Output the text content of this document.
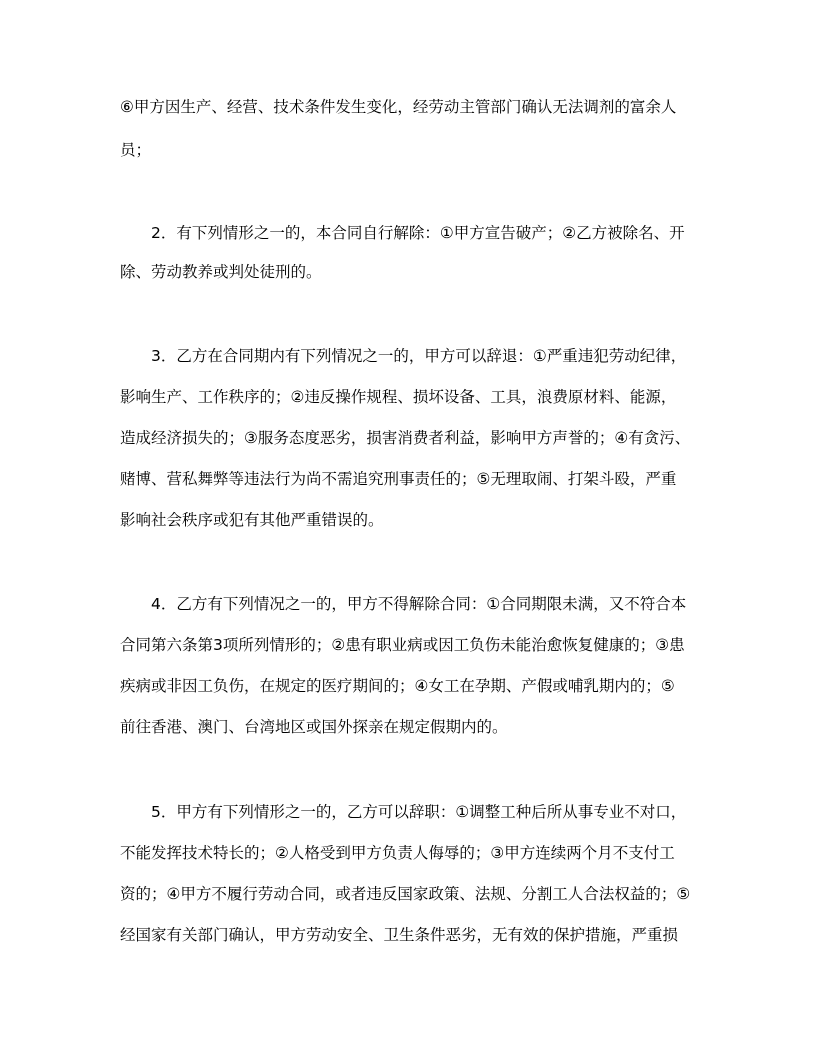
⑥甲方因生产、经营、技术条件发生变化，经劳动主管部门确认无法调剂的富余人
员；
2．有下列情形之一的，本合同自行解除：①甲方宣告破产；②乙方被除名、开
除、劳动教养或判处徒刑的。
3．乙方在合同期内有下列情况之一的，甲方可以辞退：①严重违犯劳动纪律，
影响生产、工作秩序的；②违反操作规程、损坏设备、工具，浪费原材料、能源，
造成经济损失的；③服务态度恶劣，损害消费者利益，影响甲方声誉的；④有贪污、
赌博、营私舞弊等违法行为尚不需追究刑事责任的；⑤无理取闹、打架斗殴，严重
影响社会秩序或犯有其他严重错误的。
4．乙方有下列情况之一的，甲方不得解除合同：①合同期限未满，又不符合本
合同第六条第3项所列情形的；②患有职业病或因工负伤未能治愈恢复健康的；③患
疾病或非因工负伤，在规定的医疗期间的；④女工在孕期、产假或哺乳期内的；⑤
前往香港、澳门、台湾地区或国外探亲在规定假期内的。
5．甲方有下列情形之一的，乙方可以辞职：①调整工种后所从事专业不对口，
不能发挥技术特长的；②人格受到甲方负责人侮辱的；③甲方连续两个月不支付工
资的；④甲方不履行劳动合同，或者违反国家政策、法规、分割工人合法权益的；⑤
经国家有关部门确认，甲方劳动安全、卫生条件恶劣，无有效的保护措施，严重损
